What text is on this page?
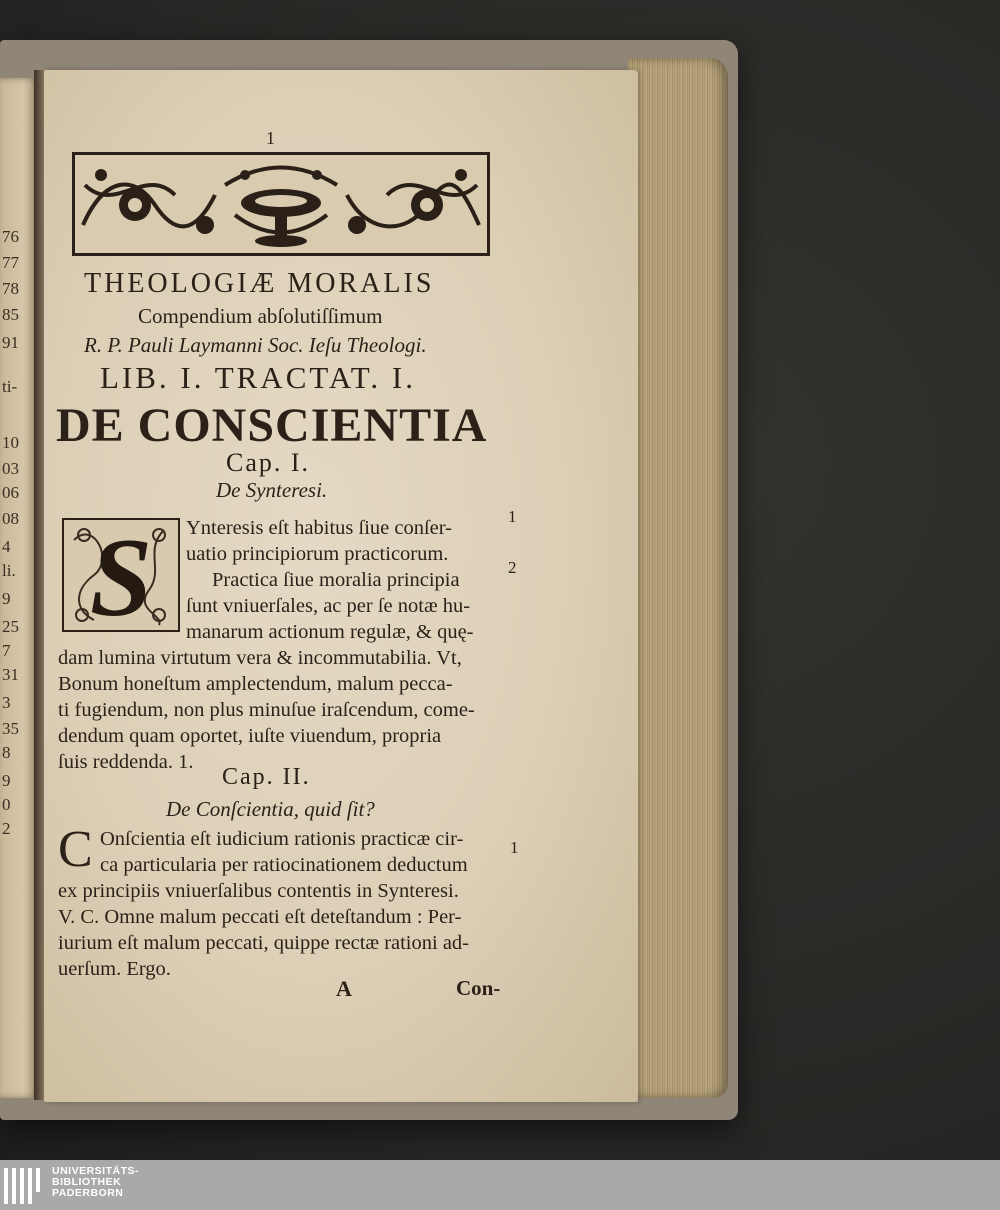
76
77
78
85
91
ti-
10
03
06
08
4
li.
9
25
7
31
3
35
8
9
0
2
1
THEOLOGIÆ MORALIS
Compendium abſolutiſſimum
R. P. Pauli Laymanni Soc. Ieſu Theologi.
LIB. I. TRACTAT. I.
DE CONSCIENTIA
Cap. I.
De Synteresi.
S	Ynteresis eſt habitus ſiue conſer-
uatio principiorum practicorum.
Practica ſiue moralia principia
ſunt vniuerſales, ac per ſe notæ hu-
manarum actionum regulæ, & quę-
dam lumina virtutum vera & incommutabilia. Vt,
Bonum honeſtum amplectendum, malum pecca-
ti fugiendum, non plus minuſue iraſcendum, come-
dendum quam oportet, iuſte viuendum, propria
ſuis reddenda. 1.
1
2
Cap. II.
De Conſcientia, quid ſit?
C Onſcientia eſt iudicium rationis practicæ cir-
ca particularia per ratiocinationem deductum
ex principiis vniuerſalibus contentis in Synteresi.
V. C. Omne malum peccati eſt deteſtandum : Per-
iurium eſt malum peccati, quippe rectæ rationi ad-
uerſum. Ergo.
1
A	Con-
UNIVERSITÄTS-
BIBLIOTHEK
PADERBORN
